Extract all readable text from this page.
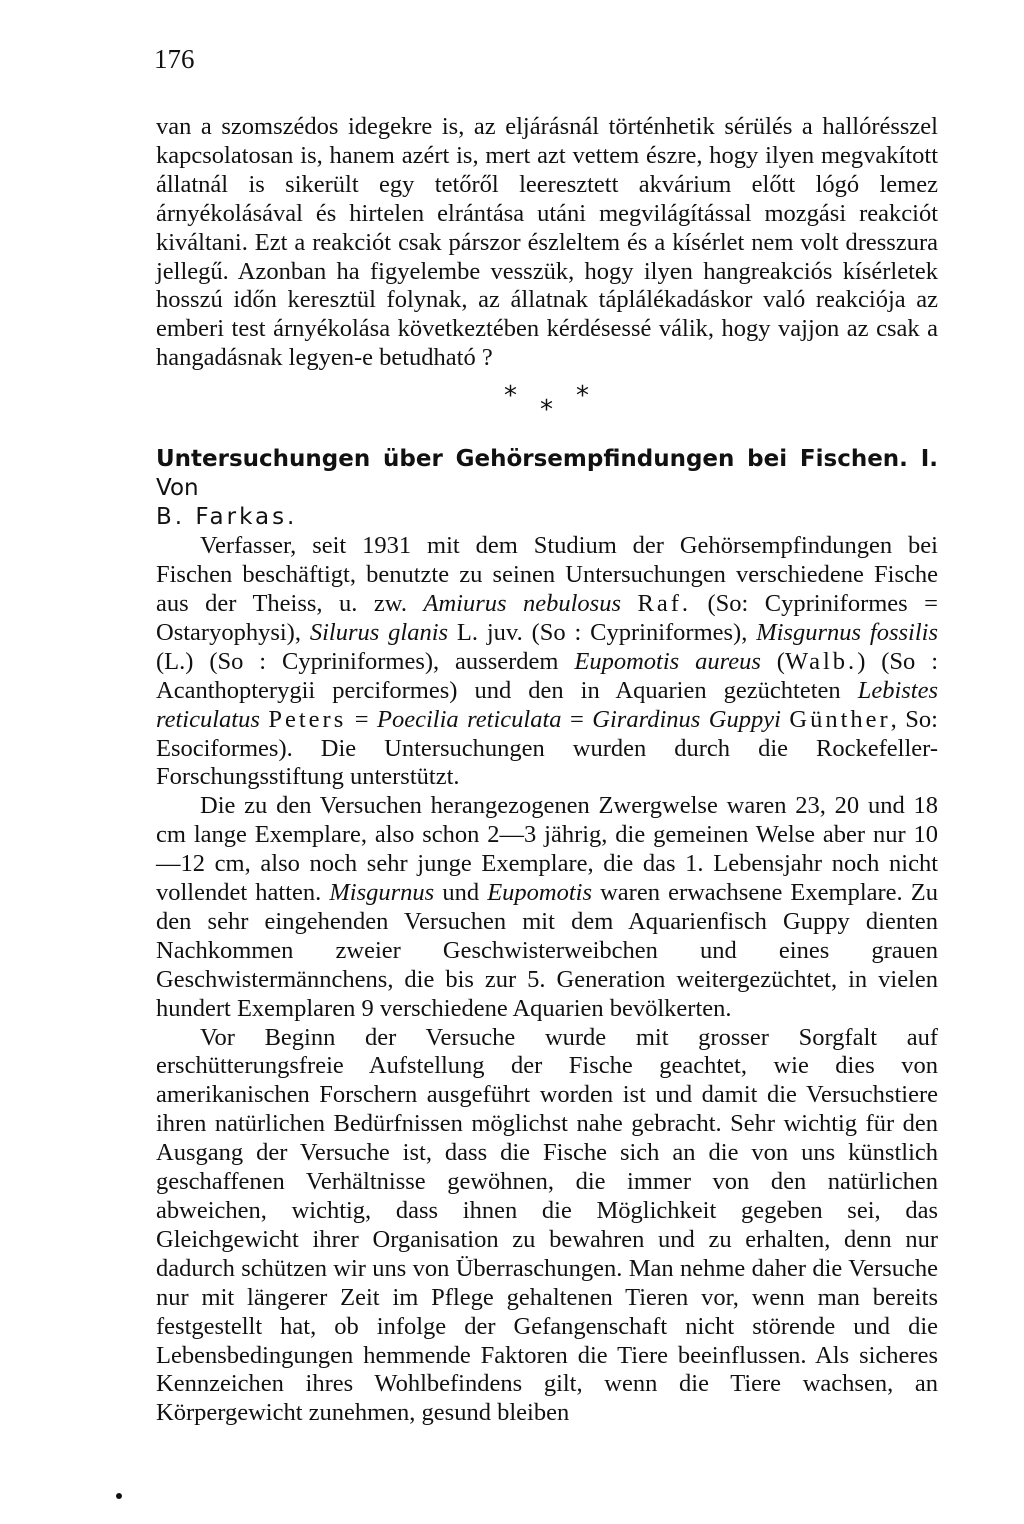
176

van a szomszédos idegekre is, az eljárásnál történhetik sérülés a hallórésszel kapcsolatosan is, hanem azért is, mert azt vettem észre, hogy ilyen megvakított állatnál is sikerült egy tetőről leeresztett akvárium előtt lógó lemez árnyékolásával és hirtelen elrántása utáni megvilágítással mozgási reakciót kiváltani. Ezt a reakciót csak párszor észleltem és a kísérlet nem volt dresszura jellegű. Azonban ha figyelembe vesszük, hogy ilyen hangreakciós kísérletek hosszú időn keresztül folynak, az állatnak táplálékadáskor való reakciója az emberi test árnyékolása következtében kérdésessé válik, hogy vajjon az csak a hangadásnak legyen-e betudható ?

* * *

Untersuchungen über Gehörsempfindungen bei Fischen. I. Von
B. Farkas.

Verfasser, seit 1931 mit dem Studium der Gehörsempfindungen bei Fischen beschäftigt, benutzte zu seinen Untersuchungen verschiedene Fische aus der Theiss, u. zw. Amiurus nebulosus Raf. (So: Cypriniformes = Ostaryophysi), Silurus glanis L. juv. (So : Cypriniformes), Misgurnus fossilis (L.) (So : Cypriniformes), ausserdem Eupomotis aureus (Walb.) (So : Acanthopterygii perciformes) und den in Aquarien gezüchteten Lebistes reticulatus Peters = Poecilia reticulata = Girardinus Guppyi Günther, So: Esociformes). Die Untersuchungen wurden durch die Rockefeller-Forschungsstiftung unterstützt.

Die zu den Versuchen herangezogenen Zwergwelse waren 23, 20 und 18 cm lange Exemplare, also schon 2—3 jährig, die gemeinen Welse aber nur 10—12 cm, also noch sehr junge Exemplare, die das 1. Lebensjahr noch nicht vollendet hatten. Misgurnus und Eupomotis waren erwachsene Exemplare. Zu den sehr eingehenden Versuchen mit dem Aquarienfisch Guppy dienten Nachkommen zweier Geschwisterweibchen und eines grauen Geschwistermännchens, die bis zur 5. Generation weitergezüchtet, in vielen hundert Exemplaren 9 verschiedene Aquarien bevölkerten.

Vor Beginn der Versuche wurde mit grosser Sorgfalt auf erschütterungsfreie Aufstellung der Fische geachtet, wie dies von amerikanischen Forschern ausgeführt worden ist und damit die Versuchstiere ihren natürlichen Bedürfnissen möglichst nahe gebracht. Sehr wichtig für den Ausgang der Versuche ist, dass die Fische sich an die von uns künstlich geschaffenen Verhältnisse gewöhnen, die immer von den natürlichen abweichen, wichtig, dass ihnen die Möglichkeit gegeben sei, das Gleichgewicht ihrer Organisation zu bewahren und zu erhalten, denn nur dadurch schützen wir uns von Überraschungen. Man nehme daher die Versuche nur mit längerer Zeit im Pflege gehaltenen Tieren vor, wenn man bereits festgestellt hat, ob infolge der Gefangenschaft nicht störende und die Lebensbedingungen hemmende Faktoren die Tiere beeinflussen. Als sicheres Kennzeichen ihres Wohlbefindens gilt, wenn die Tiere wachsen, an Körpergewicht zunehmen, gesund bleiben
